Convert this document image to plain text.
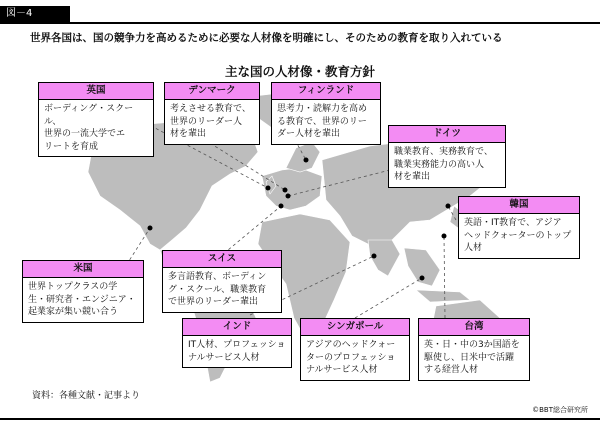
図－4
世界各国は、国の競争力を高めるために必要な人材像を明確にし、そのための教育を取り入れている
主な国の人材像・教育方針
英国
ボーディング・スクール、
世界の一流大学でエ
リートを育成
デンマーク
考えさせる教育で、
世界のリーダー人
材を輩出
フィンランド
思考力・読解力を高め
る教育で、世界のリー
ダー人材を輩出	ドイツ
職業教育、実務教育で、
職業実務能力の高い人
材を輩出
韓国
英語・IT教育で、アジア
ヘッドクォーターのトップ
人材
米国
世界トップクラスの学
生・研究者・エンジニア・
起業家が集い競い合う
スイス
多言語教育、ボーディン
グ・スクール、職業教育
で世界のリーダー輩出
インド
IT人材、プロフェッショ
ナルサービス人材
シンガポール
アジアのヘッドクォー
ターのプロフェッショ
ナルサービス人材
台湾
英・日・中の3か国語を
駆使し、日米中で活躍
する経営人材
資料：各種文献・記事より
©BBT総合研究所
